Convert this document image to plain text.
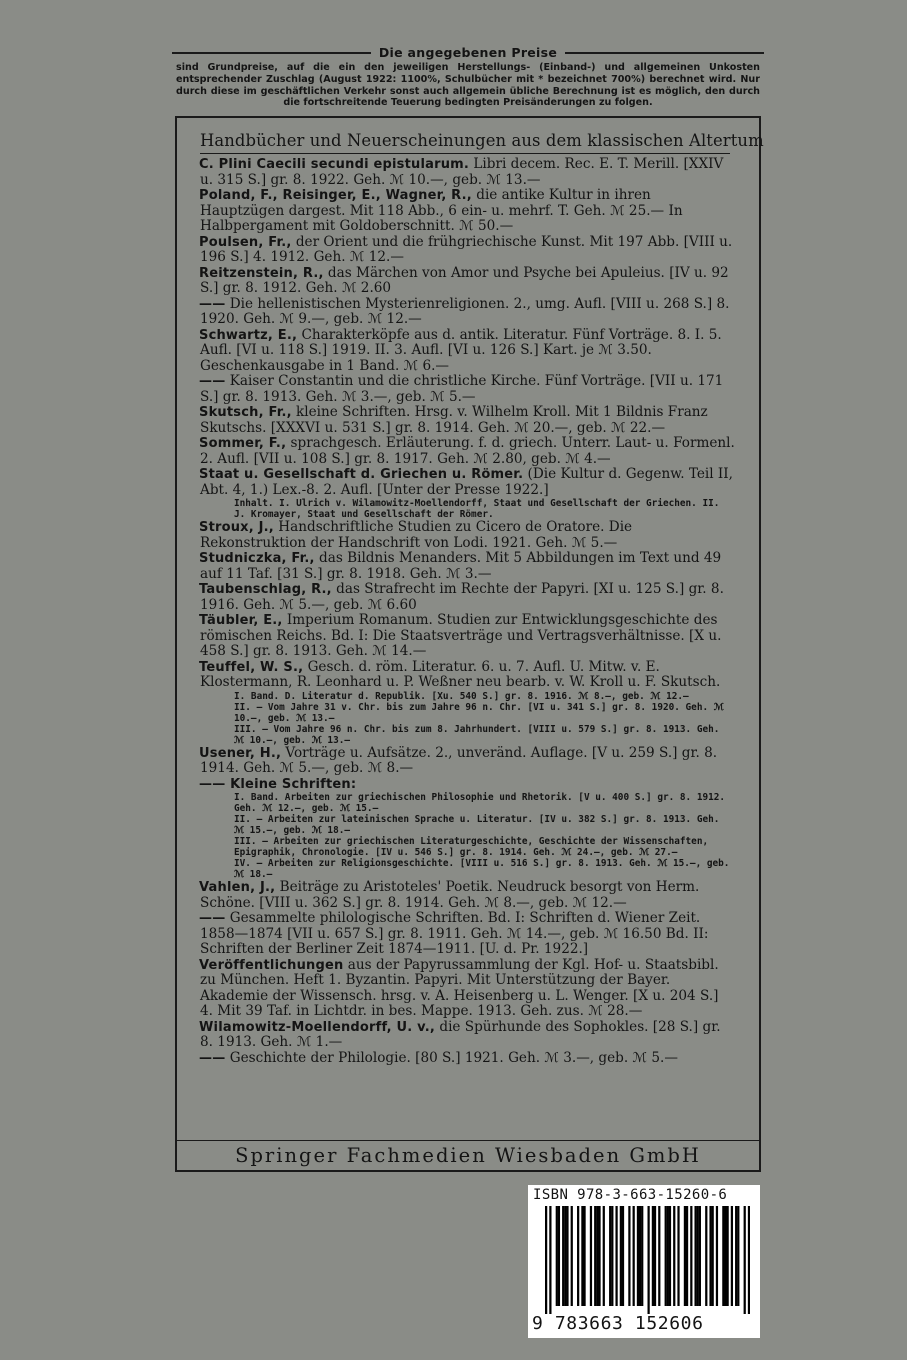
Die angegebenen Preise
sind Grundpreise, auf die ein den jeweiligen Herstellungs- (Einband-) und allgemeinen Unkosten entsprechender Zuschlag (August 1922: 1100%, Schulbücher mit * bezeichnet 700%) berechnet wird. Nur durch diese im geschäftlichen Verkehr sonst auch allgemein übliche Berechnung ist es möglich, den durch die fortschreitende Teuerung bedingten Preisänderungen zu folgen.
Handbücher und Neuerscheinungen aus dem klassischen Altertum
C. Plini Caecili secundi epistularum. Libri decem. Rec. E. T. Merill. [XXIV u. 315 S.] gr. 8. 1922. Geh. ℳ 10.—, geb. ℳ 13.—
Poland, F., Reisinger, E., Wagner, R., die antike Kultur in ihren Hauptzügen dargest. Mit 118 Abb., 6 ein- u. mehrf. T. Geh. ℳ 25.— In Halbpergament mit Goldoberschnitt. ℳ 50.—
Poulsen, Fr., der Orient und die frühgriechische Kunst. Mit 197 Abb. [VIII u. 196 S.] 4. 1912. Geh. ℳ 12.—
Reitzenstein, R., das Märchen von Amor und Psyche bei Apuleius. [IV u. 92 S.] gr. 8. 1912. Geh. ℳ 2.60
—— Die hellenistischen Mysterienreligionen. 2., umg. Aufl. [VIII u. 268 S.] 8. 1920. Geh. ℳ 9.—, geb. ℳ 12.—
Schwartz, E., Charakterköpfe aus d. antik. Literatur. Fünf Vorträge. 8. I. 5. Aufl. [VI u. 118 S.] 1919. II. 3. Aufl. [VI u. 126 S.] Kart. je ℳ 3.50. Geschenkausgabe in 1 Band. ℳ 6.—
—— Kaiser Constantin und die christliche Kirche. Fünf Vorträge. [VII u. 171 S.] gr. 8. 1913. Geh. ℳ 3.—, geb. ℳ 5.—
Skutsch, Fr., kleine Schriften. Hrsg. v. Wilhelm Kroll. Mit 1 Bildnis Franz Skutschs. [XXXVI u. 531 S.] gr. 8. 1914. Geh. ℳ 20.—, geb. ℳ 22.—
Sommer, F., sprachgesch. Erläuterung. f. d. griech. Unterr. Laut- u. Formenl. 2. Aufl. [VII u. 108 S.] gr. 8. 1917. Geh. ℳ 2.80, geb. ℳ 4.—
Staat u. Gesellschaft d. Griechen u. Römer. (Die Kultur d. Gegenw. Teil II, Abt. 4, 1.) Lex.-8. 2. Aufl. [Unter der Presse 1922.]
Inhalt. I. Ulrich v. Wilamowitz-Moellendorff, Staat und Gesellschaft der Griechen. II. J. Kromayer, Staat und Gesellschaft der Römer.
Stroux, J., Handschriftliche Studien zu Cicero de Oratore. Die Rekonstruktion der Handschrift von Lodi. 1921. Geh. ℳ 5.—
Studniczka, Fr., das Bildnis Menanders. Mit 5 Abbildungen im Text und 49 auf 11 Taf. [31 S.] gr. 8. 1918. Geh. ℳ 3.—
Taubenschlag, R., das Strafrecht im Rechte der Papyri. [XI u. 125 S.] gr. 8. 1916. Geh. ℳ 5.—, geb. ℳ 6.60
Täubler, E., Imperium Romanum. Studien zur Entwicklungsgeschichte des römischen Reichs. Bd. I: Die Staatsverträge und Vertragsverhältnisse. [X u. 458 S.] gr. 8. 1913. Geh. ℳ 14.—
Teuffel, W. S., Gesch. d. röm. Literatur. 6. u. 7. Aufl. U. Mitw. v. E. Klostermann, R. Leonhard u. P. Weßner neu bearb. v. W. Kroll u. F. Skutsch.
I. Band. D. Literatur d. Republik. [Xu. 540 S.] gr. 8. 1916. ℳ 8.—, geb. ℳ 12.—
II. — Vom Jahre 31 v. Chr. bis zum Jahre 96 n. Chr. [VI u. 341 S.] gr. 8. 1920. Geh. ℳ 10.—, geb. ℳ 13.—
III. — Vom Jahre 96 n. Chr. bis zum 8. Jahrhundert. [VIII u. 579 S.] gr. 8. 1913. Geh. ℳ 10.—, geb. ℳ 13.—
Usener, H., Vorträge u. Aufsätze. 2., unveränd. Auflage. [V u. 259 S.] gr. 8. 1914. Geh. ℳ 5.—, geb. ℳ 8.—
—— Kleine Schriften:
I. Band. Arbeiten zur griechischen Philosophie und Rhetorik. [V u. 400 S.] gr. 8. 1912. Geh. ℳ 12.—, geb. ℳ 15.—
II. — Arbeiten zur lateinischen Sprache u. Literatur. [IV u. 382 S.] gr. 8. 1913. Geh. ℳ 15.—, geb. ℳ 18.—
III. — Arbeiten zur griechischen Literaturgeschichte, Geschichte der Wissenschaften, Epigraphik, Chronologie. [IV u. 546 S.] gr. 8. 1914. Geh. ℳ 24.—, geb. ℳ 27.—
IV. — Arbeiten zur Religionsgeschichte. [VIII u. 516 S.] gr. 8. 1913. Geh. ℳ 15.—, geb. ℳ 18.—
Vahlen, J., Beiträge zu Aristoteles' Poetik. Neudruck besorgt von Herm. Schöne. [VIII u. 362 S.] gr. 8. 1914. Geh. ℳ 8.—, geb. ℳ 12.—
—— Gesammelte philologische Schriften. Bd. I: Schriften d. Wiener Zeit. 1858—1874 [VII u. 657 S.] gr. 8. 1911. Geh. ℳ 14.—, geb. ℳ 16.50 Bd. II: Schriften der Berliner Zeit 1874—1911. [U. d. Pr. 1922.]
Veröffentlichungen aus der Papyrussammlung der Kgl. Hof- u. Staatsbibl. zu München. Heft 1. Byzantin. Papyri. Mit Unterstützung der Bayer. Akademie der Wissensch. hrsg. v. A. Heisenberg u. L. Wenger. [X u. 204 S.] 4. Mit 39 Taf. in Lichtdr. in bes. Mappe. 1913. Geh. zus. ℳ 28.—
Wilamowitz-Moellendorff, U. v., die Spürhunde des Sophokles. [28 S.] gr. 8. 1913. Geh. ℳ 1.—
—— Geschichte der Philologie. [80 S.] 1921. Geh. ℳ 3.—, geb. ℳ 5.—
Springer Fachmedien Wiesbaden GmbH
ISBN 978-3-663-15260-6
9 783663 152606
